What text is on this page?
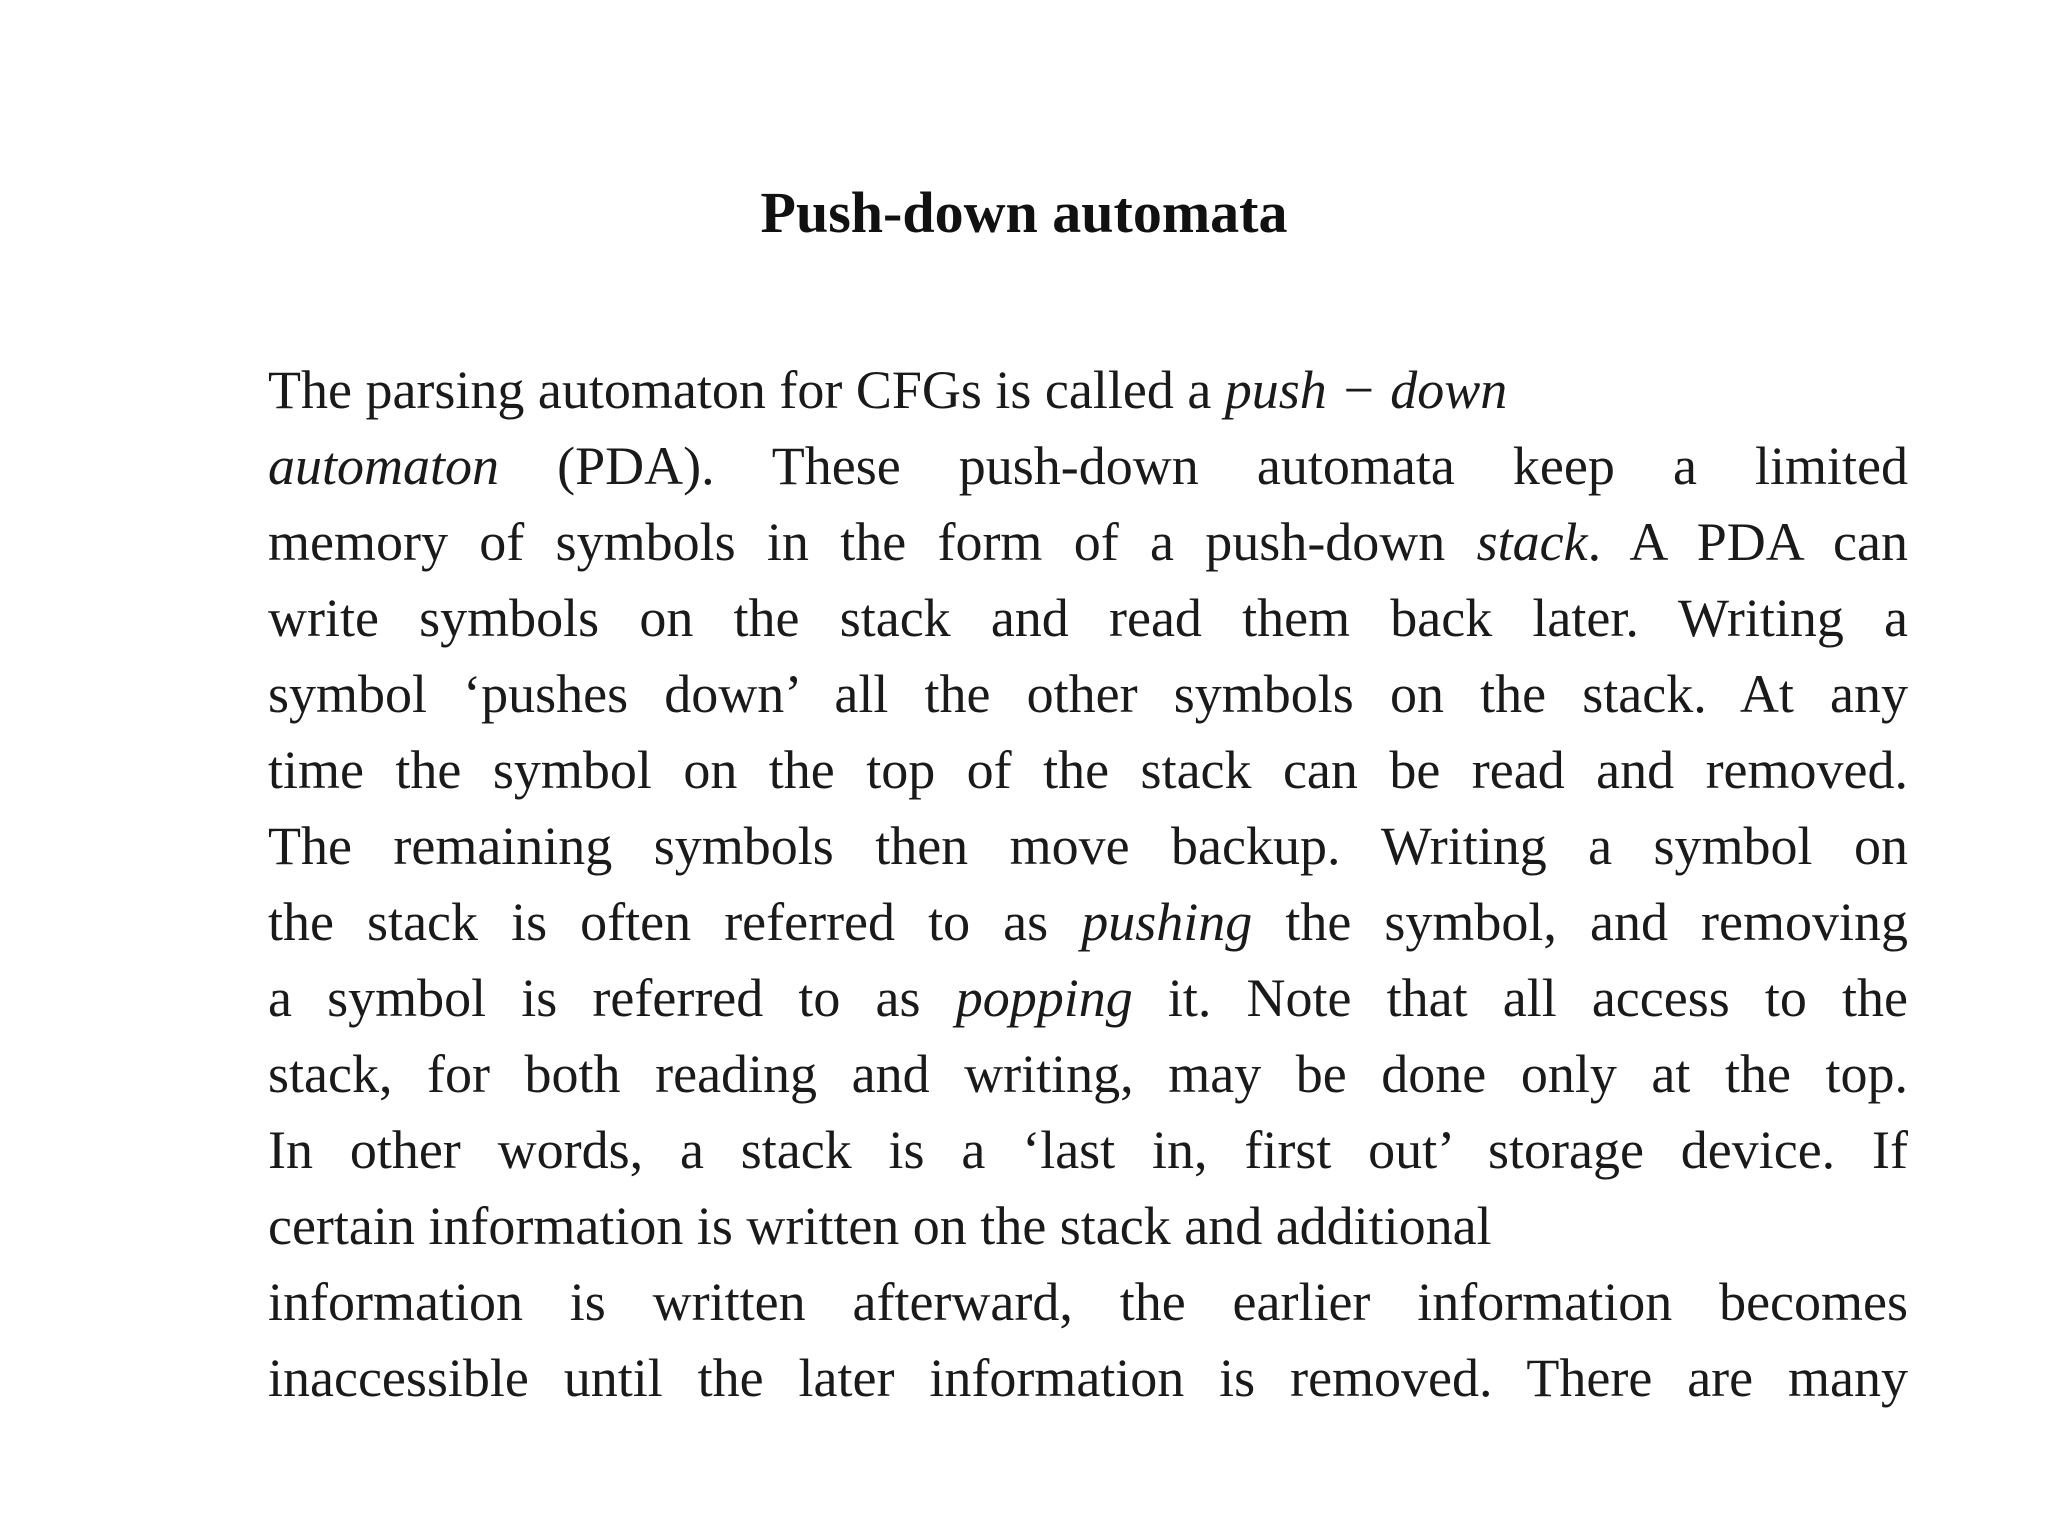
Push-down automata
The parsing automaton for CFGs is called a push − down
automaton (PDA). These push-down automata keep a limited
memory of symbols in the form of a push-down stack. A PDA can
write symbols on the stack and read them back later. Writing a
symbol ‘pushes down’ all the other symbols on the stack. At any
time the symbol on the top of the stack can be read and removed.
The remaining symbols then move backup. Writing a symbol on
the stack is often referred to as pushing the symbol, and removing
a symbol is referred to as popping it. Note that all access to the
stack, for both reading and writing, may be done only at the top.
In other words, a stack is a ‘last in, first out’ storage device. If
certain information is written on the stack and additional
information is written afterward, the earlier information becomes
inaccessible until the later information is removed. There are many
